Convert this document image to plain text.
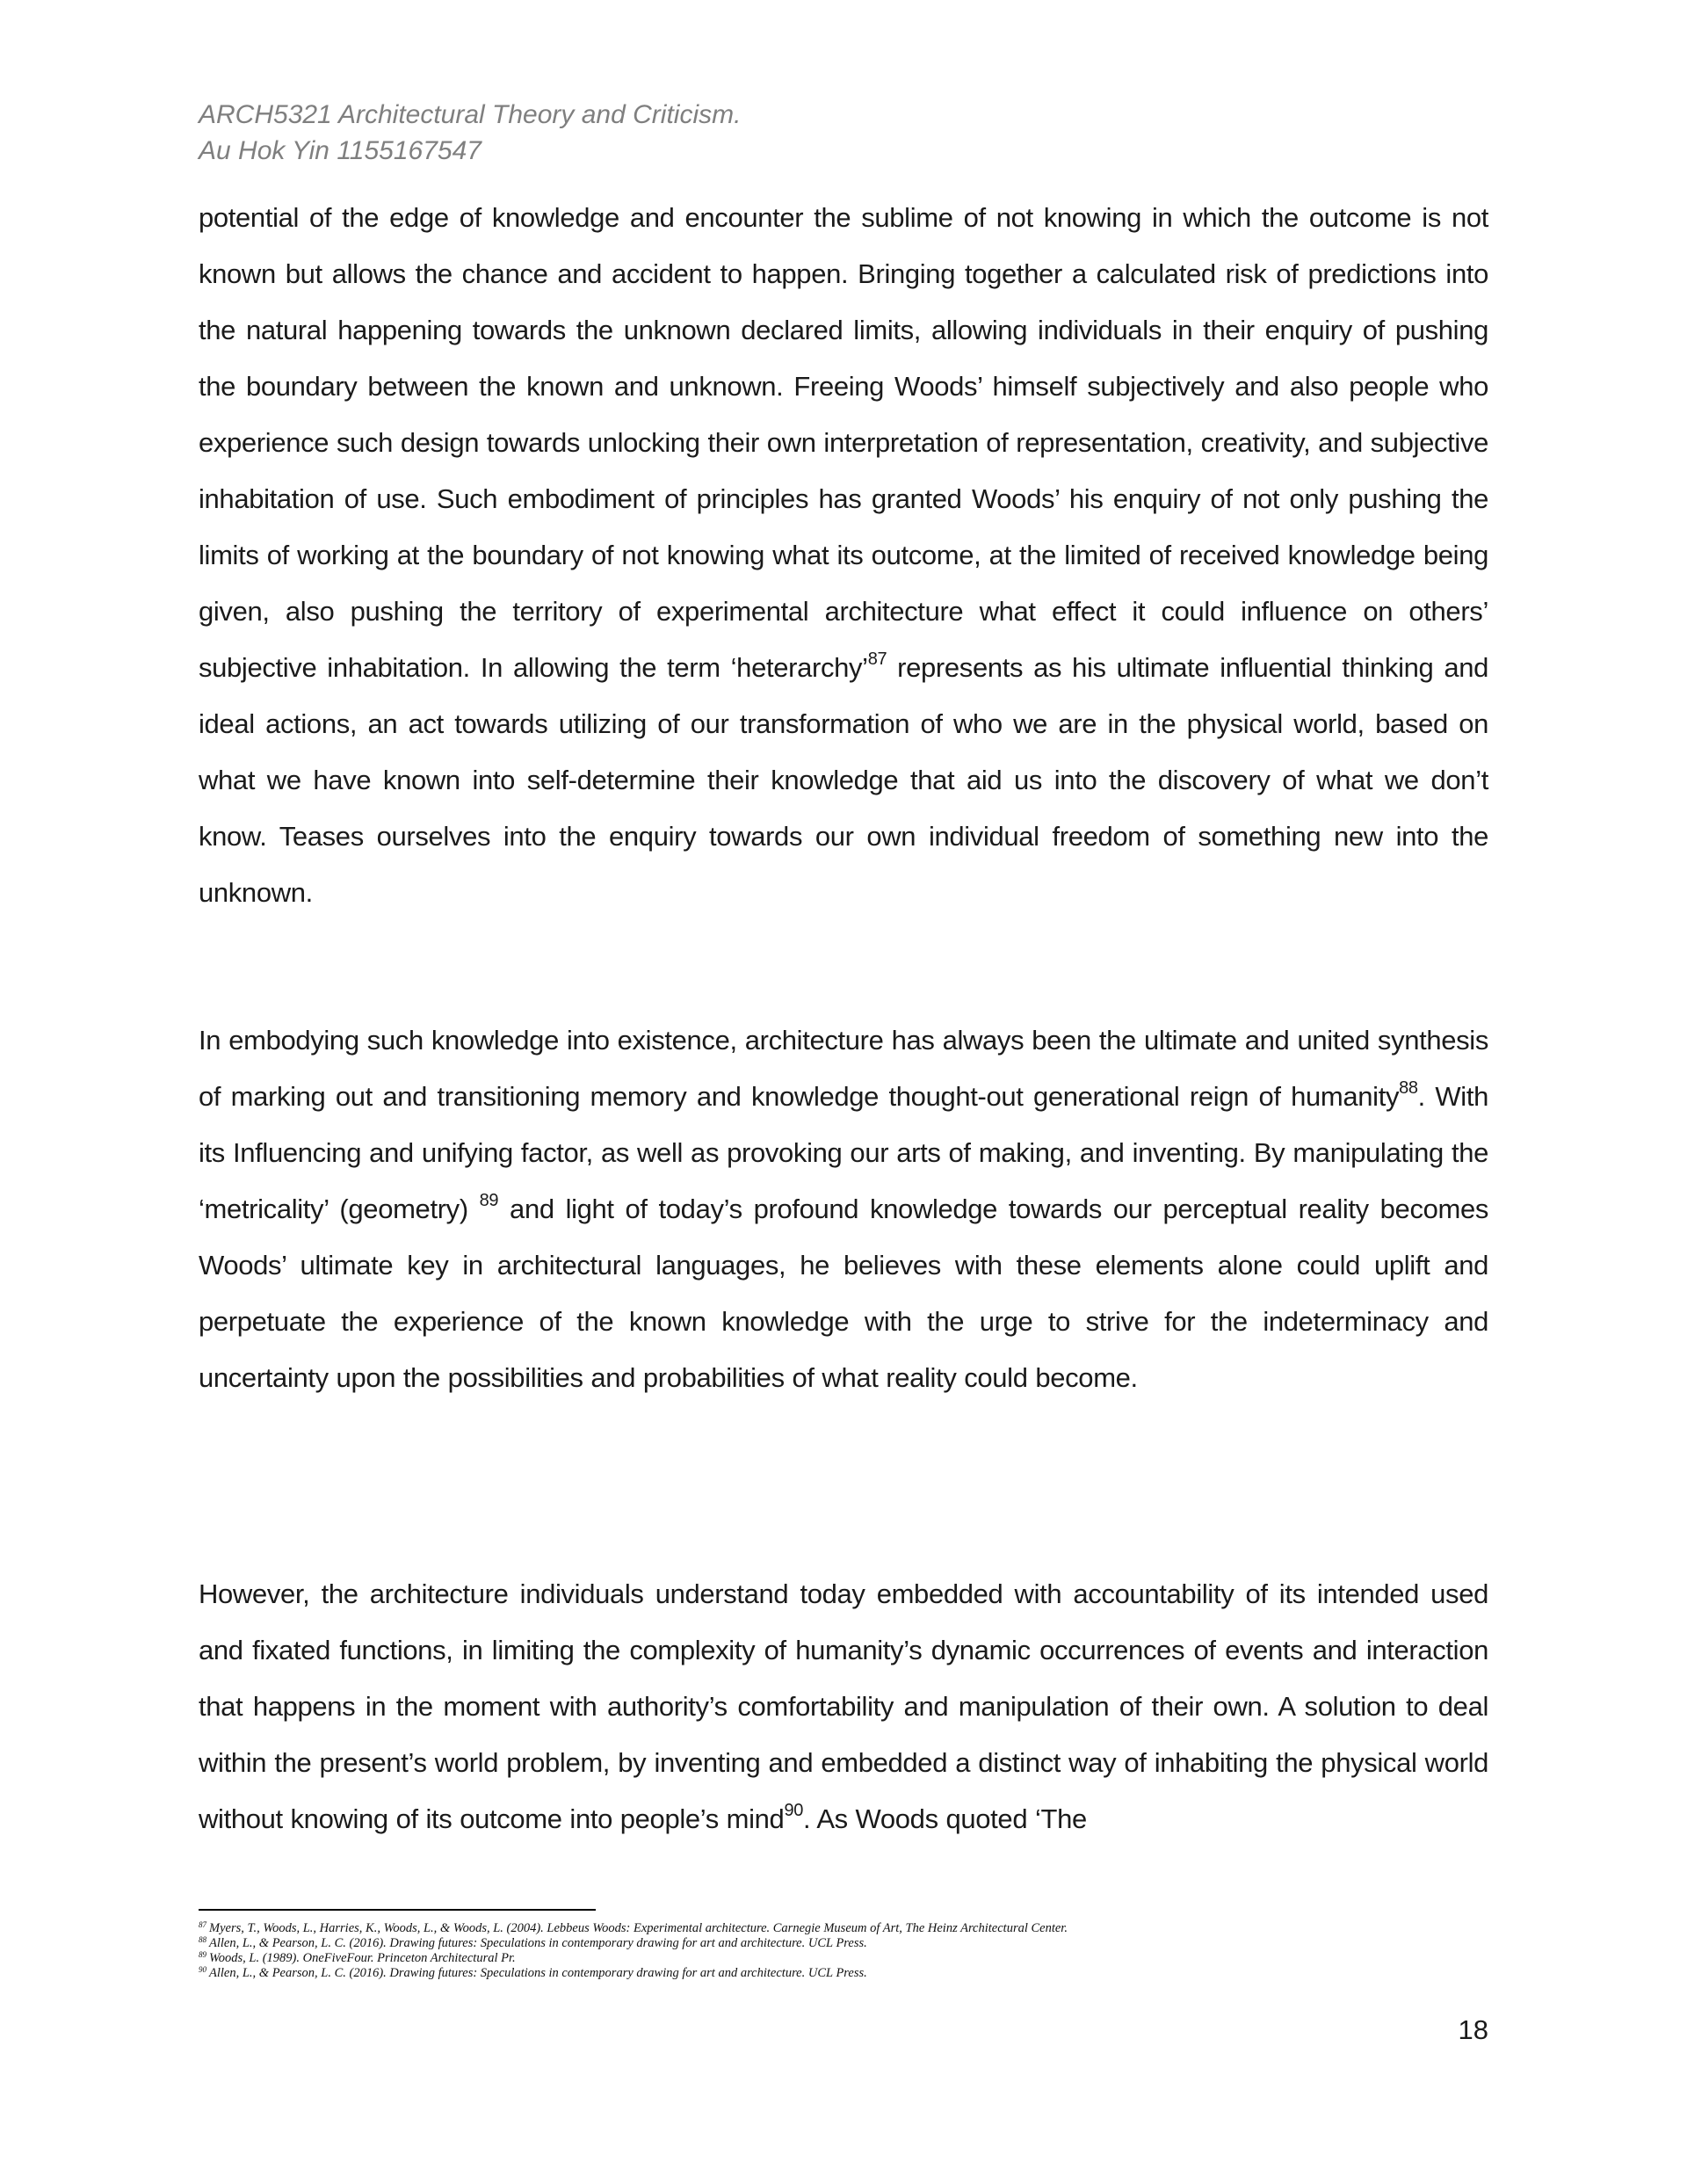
ARCH5321 Architectural Theory and Criticism.
Au Hok Yin 1155167547
potential of the edge of knowledge and encounter the sublime of not knowing in which the outcome is not known but allows the chance and accident to happen. Bringing together a calculated risk of predictions into the natural happening towards the unknown declared limits, allowing individuals in their enquiry of pushing the boundary between the known and unknown. Freeing Woods’ himself subjectively and also people who experience such design towards unlocking their own interpretation of representation, creativity, and subjective inhabitation of use. Such embodiment of principles has granted Woods’ his enquiry of not only pushing the limits of working at the boundary of not knowing what its outcome, at the limited of received knowledge being given, also pushing the territory of experimental architecture what effect it could influence on others’ subjective inhabitation. In allowing the term ‘heterarchy’$^{87}$ represents as his ultimate influential thinking and ideal actions, an act towards utilizing of our transformation of who we are in the physical world, based on what we have known into self-determine their knowledge that aid us into the discovery of what we don’t know. Teases ourselves into the enquiry towards our own individual freedom of something new into the unknown.
In embodying such knowledge into existence, architecture has always been the ultimate and united synthesis of marking out and transitioning memory and knowledge thought-out generational reign of humanity$^{88}$. With its Influencing and unifying factor, as well as provoking our arts of making, and inventing. By manipulating the ‘metricality’ (geometry) $^{89}$ and light of today’s profound knowledge towards our perceptual reality becomes Woods’ ultimate key in architectural languages, he believes with these elements alone could uplift and perpetuate the experience of the known knowledge with the urge to strive for the indeterminacy and uncertainty upon the possibilities and probabilities of what reality could become.
However, the architecture individuals understand today embedded with accountability of its intended used and fixated functions, in limiting the complexity of humanity’s dynamic occurrences of events and interaction that happens in the moment with authority’s comfortability and manipulation of their own. A solution to deal within the present’s world problem, by inventing and embedded a distinct way of inhabiting the physical world without knowing of its outcome into people’s mind$^{90}$. As Woods quoted ‘The
$^{87}$ Myers, T., Woods, L., Harries, K., Woods, L., & Woods, L. (2004). Lebbeus Woods: Experimental architecture. Carnegie Museum of Art, The Heinz Architectural Center.
$^{88}$ Allen, L., & Pearson, L. C. (2016). Drawing futures: Speculations in contemporary drawing for art and architecture. UCL Press.
$^{89}$ Woods, L. (1989). OneFiveFour. Princeton Architectural Pr.
$^{90}$ Allen, L., & Pearson, L. C. (2016). Drawing futures: Speculations in contemporary drawing for art and architecture. UCL Press.
18
